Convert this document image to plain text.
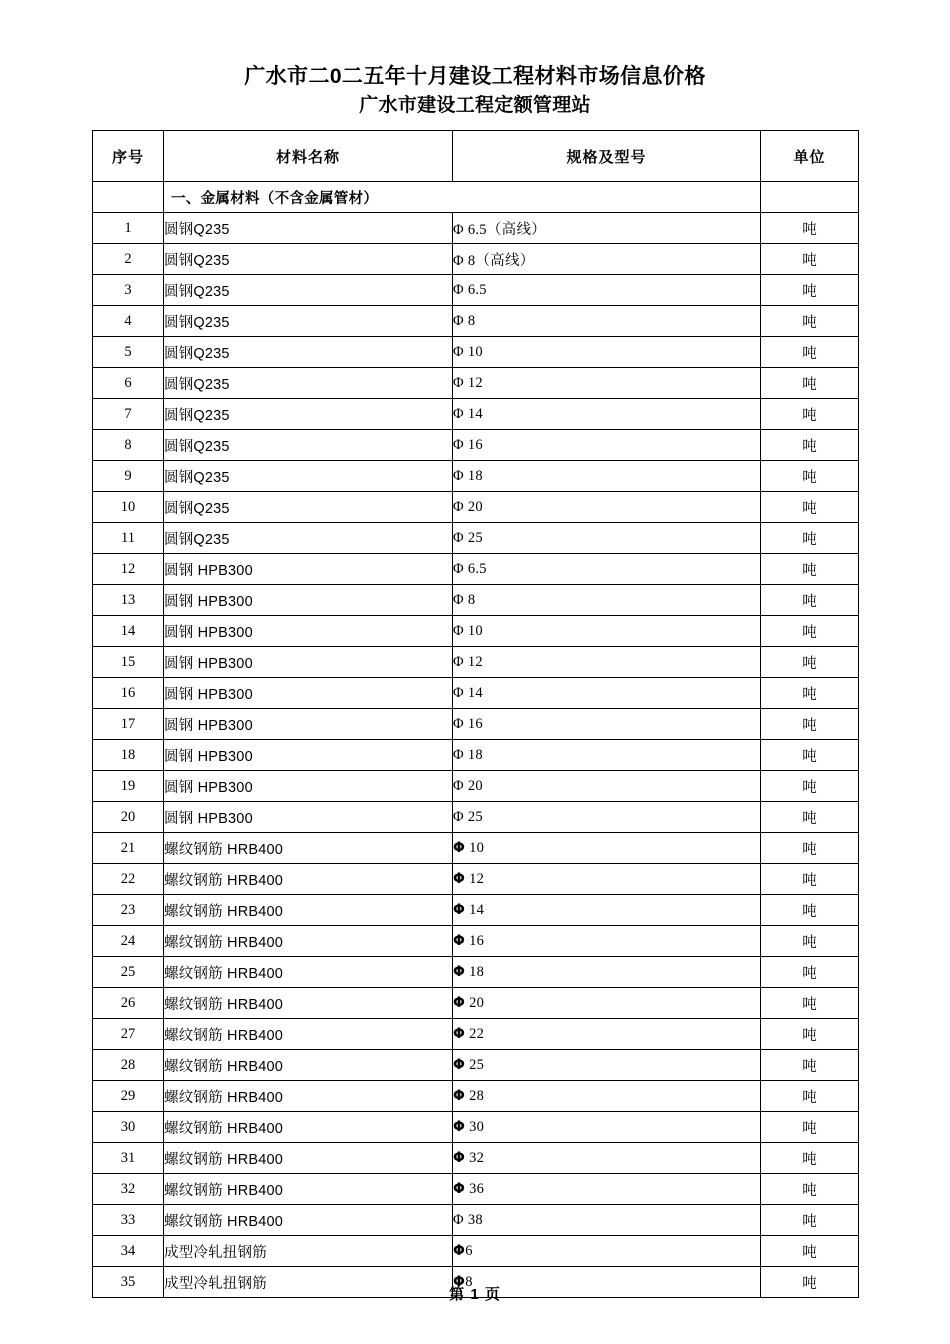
广水市二0二五年十月建设工程材料市场信息价格
广水市建设工程定额管理站
序号	材料名称	规格及型号	单位
	一、金属材料（不含金属管材）		
1	圆钢Q235	Φ 6.5（高线）	吨
2	圆钢Q235	Φ 8（高线）	吨
3	圆钢Q235	Φ 6.5	吨
4	圆钢Q235	Φ 8	吨
5	圆钢Q235	Φ 10	吨
6	圆钢Q235	Φ 12	吨
7	圆钢Q235	Φ 14	吨
8	圆钢Q235	Φ 16	吨
9	圆钢Q235	Φ 18	吨
10	圆钢Q235	Φ 20	吨
11	圆钢Q235	Φ 25	吨
12	圆钢 HPB300	Φ 6.5	吨
13	圆钢 HPB300	Φ 8	吨
14	圆钢 HPB300	Φ 10	吨
15	圆钢 HPB300	Φ 12	吨
16	圆钢 HPB300	Φ 14	吨
17	圆钢 HPB300	Φ 16	吨
18	圆钢 HPB300	Φ 18	吨
19	圆钢 HPB300	Φ 20	吨
20	圆钢 HPB300	Φ 25	吨
21	螺纹钢筋 HRB400	Φ 10	吨
22	螺纹钢筋 HRB400	Φ 12	吨
23	螺纹钢筋 HRB400	Φ 14	吨
24	螺纹钢筋 HRB400	Φ 16	吨
25	螺纹钢筋 HRB400	Φ 18	吨
26	螺纹钢筋 HRB400	Φ 20	吨
27	螺纹钢筋 HRB400	Φ 22	吨
28	螺纹钢筋 HRB400	Φ 25	吨
29	螺纹钢筋 HRB400	Φ 28	吨
30	螺纹钢筋 HRB400	Φ 30	吨
31	螺纹钢筋 HRB400	Φ 32	吨
32	螺纹钢筋 HRB400	Φ 36	吨
33	螺纹钢筋 HRB400	Φ 38	吨
34	成型冷轧扭钢筋	Φ6	吨
35	成型冷轧扭钢筋	Φ8	吨
第 1 页
